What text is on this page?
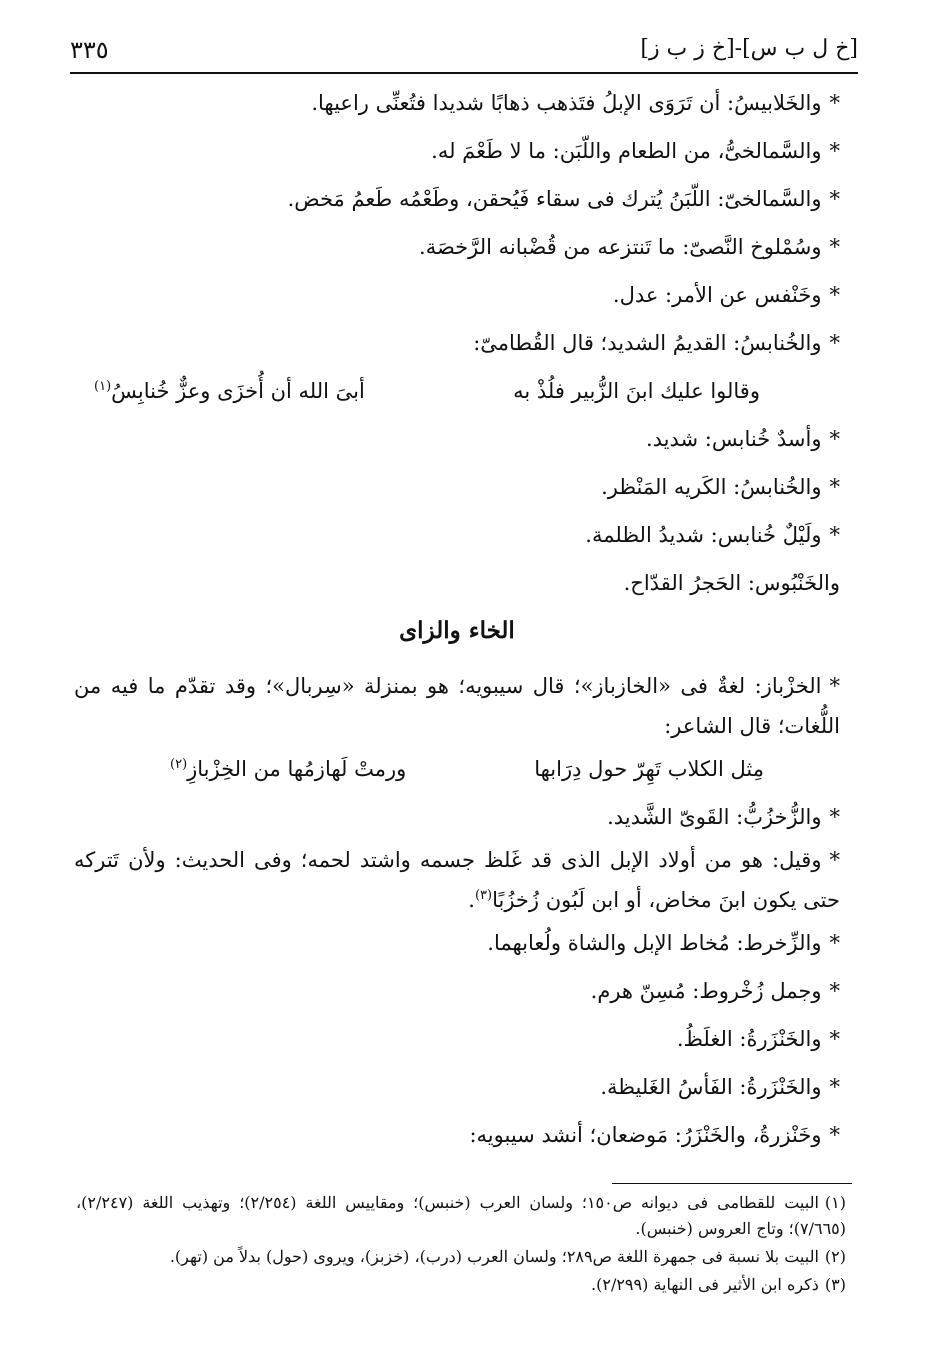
[خ ل ب س]-[خ ز ب ز]
٣٣٥
*والخَلابيسُ: أن تَرَوَى الإبلُ فتَذهب ذهابًا شديدا فتُعنِّى راعيها.
*والسَّمالخىُّ، من الطعام واللّبَن: ما لا طَعْمَ له.
*والسَّمالخىّ: اللّبَنُ يُترك فى سقاء فَيُحقن، وطَعْمُه طَعمُ مَخض.
*وسُمْلوخ النَّصىّ: ما تَنتزعه من قُضْبانه الرَّخصَة.
*وخَنْفس عن الأمر: عدل.
*والخُنابسُ: القديمُ الشديد؛ قال القُطامىّ:
وقالوا عليك ابنَ الزُّبير فلُذْ به
أبىَ الله أن أُخزَى وعزٌّ خُنابِسُ$^{(١)}$
*وأسدٌ خُنابس: شديد.
*والخُنابسُ: الكَريه المَنْظر.
*ولَيْلٌ خُنابس: شديدُ الظلمة.
والخَنْبُوس: الحَجرُ القدّاح.
الخاء والزاى
*الخزْباز: لغةٌ فى «الخازباز»؛ قال سيبويه؛ هو بمنزلة «سِربال»؛ وقد تقدّم ما فيه من اللُّغات؛ قال الشاعر:
مِثل الكلاب تَهِرّ حول دِرَابها
ورمتْ لَهازمُها من الخِزْبازِ$^{(٢)}$
*والزُّخزُبُّ: القَوىّ الشَّديد.
*وقيل: هو من أولاد الإبل الذى قد غَلظ جسمه واشتد لحمه؛ وفى الحديث: ولأن تَتركه حتى يكون ابنَ مخاض، أو ابن لَبُون زُخزُبًا$^{(٣)}$.
*والزِّخرط: مُخاط الإبل والشاة ولُعابهما.
*وجمل زُخْروط: مُسِنّ هرم.
*والخَنْزَرةُ: الغلَظُ.
*والخَنْزَرةُ: الفَأسُ الغَليظة.
*وخَنْزرةُ، والخَنْزَرُ: مَوضعان؛ أنشد سيبويه:
(١)البيت للقطامى فى ديوانه ص١٥٠؛ ولسان العرب (خنبس)؛ ومقاييس اللغة (٢/٢٥٤)؛ وتهذيب اللغة (٢/٢٤٧)، (٧/٦٦٥)؛ وتاج العروس (خنبس).
(٢)البيت بلا نسبة فى جمهرة اللغة ص٢٨٩؛ ولسان العرب (درب)، (خزبز)، ويروى (حول) بدلاً من (تهر).
(٣)ذكره ابن الأثير فى النهاية (٢/٢٩٩).
